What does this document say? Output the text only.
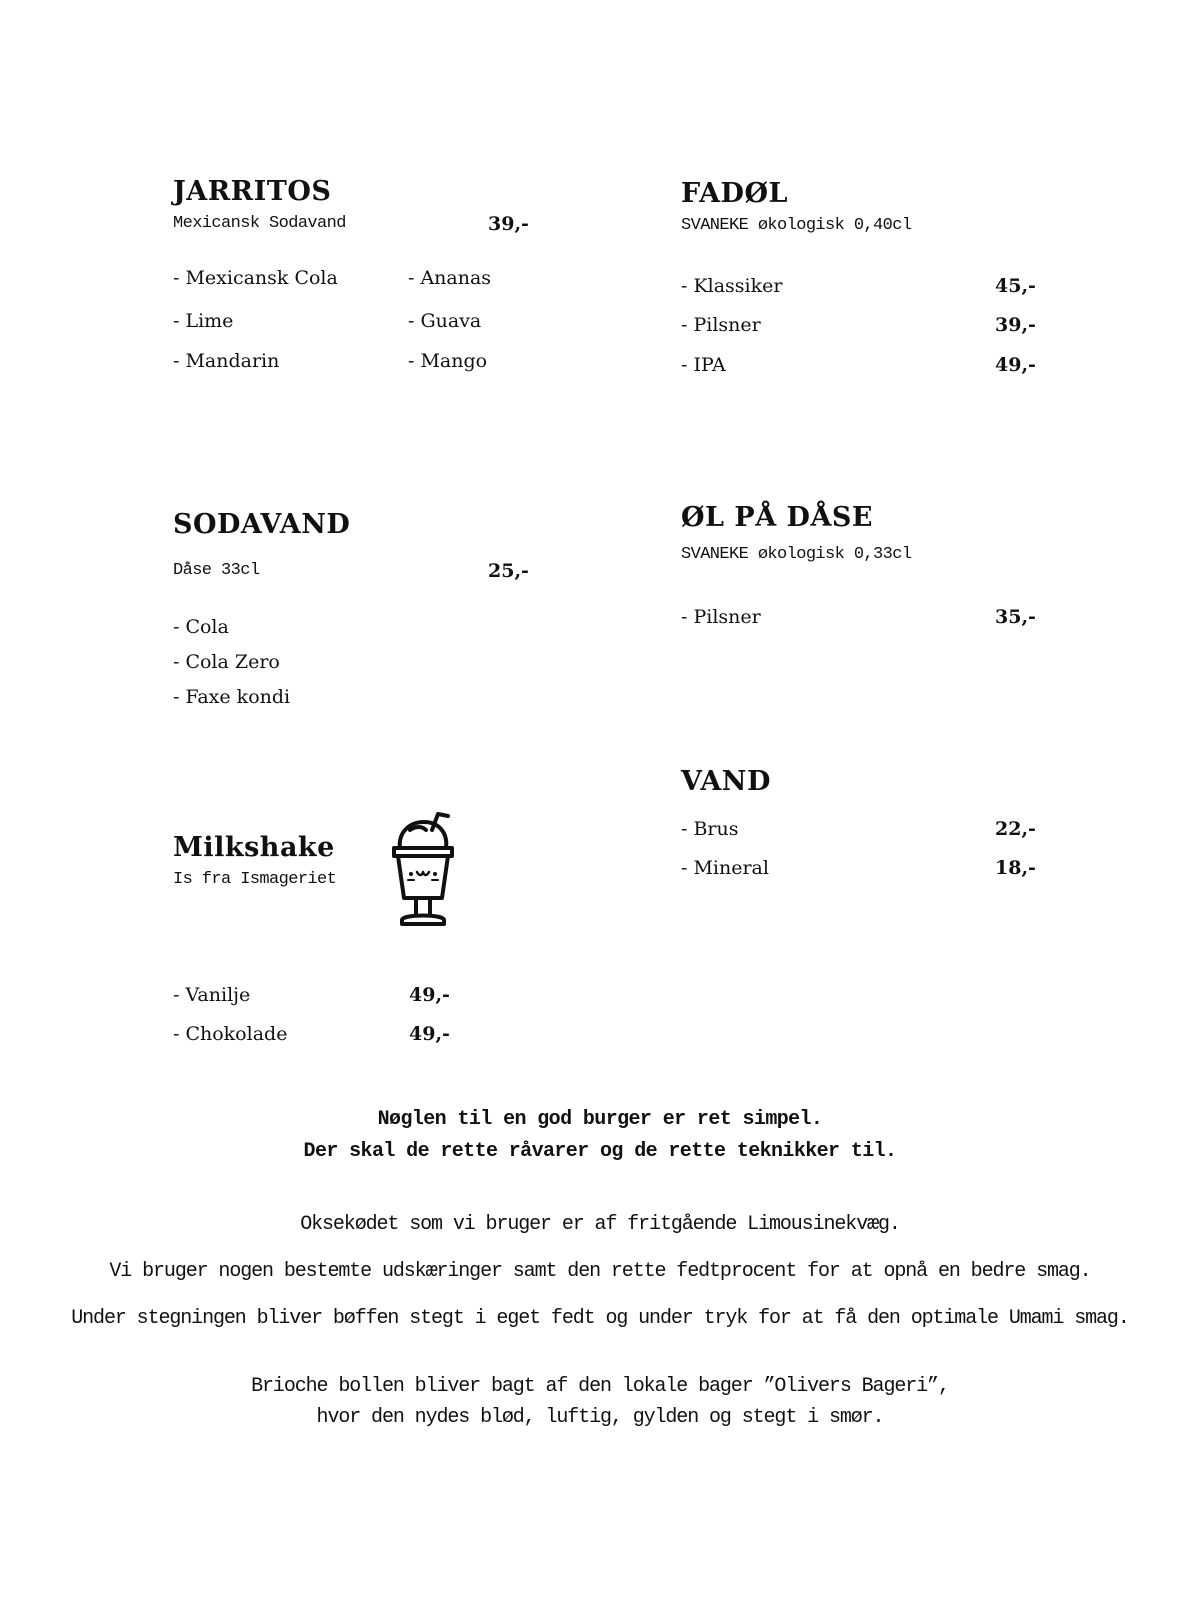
JARRITOS
Mexicansk Sodavand	39,-
- Mexicansk Cola
- Lime
- Mandarin
- Ananas
- Guava
- Mango
FADØL
SVANEKE økologisk 0,40cl
- Klassiker	45,-
- Pilsner	39,-
- IPA	49,-
SODAVAND
Dåse 33cl	25,-
- Cola
- Cola Zero
- Faxe kondi
ØL PÅ DÅSE
SVANEKE økologisk 0,33cl
- Pilsner	35,-
VAND
- Brus	22,-
- Mineral	18,-
Milkshake
Is fra Ismageriet
- Vanilje	49,-
- Chokolade	49,-
Nøglen til en god burger er ret simpel.
Der skal de rette råvarer og de rette teknikker til.
Oksekødet som vi bruger er af fritgående Limousinekvæg.
Vi bruger nogen bestemte udskæringer samt den rette fedtprocent for at opnå en bedre smag.
Under stegningen bliver bøffen stegt i eget fedt og under tryk for at få den optimale Umami smag.
Brioche bollen bliver bagt af den lokale bager ”Olivers Bageri”,
hvor den nydes blød, luftig, gylden og stegt i smør.
